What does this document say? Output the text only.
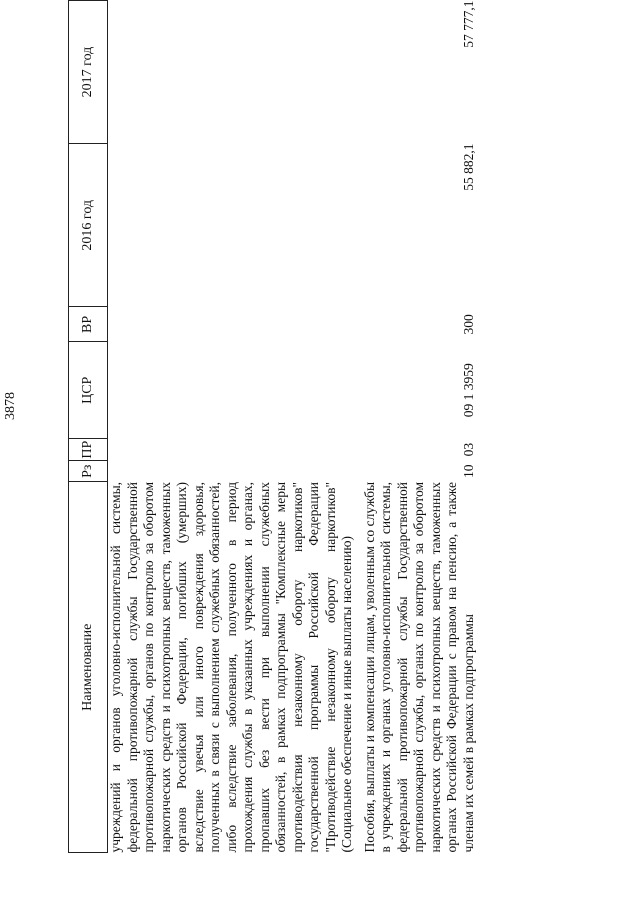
3878
Наименование	Рз	ПР	ЦСР	ВР	2016 год	2017 год

учреждений и органов уголовно-исполнительной системы, федеральной противопожарной службы Государственной противопожарной службы, органов по контролю за оборотом наркотических средств и психотропных веществ, таможенных органов Российской Федерации, погибших (умерших) вследствие увечья или иного повреждения здоровья, полученных в связи с выполнением служебных обязанностей, либо вследствие заболевания, полученного в период прохождения службы в указанных учреждениях и органах, пропавших без вести при выполнении служебных обязанностей, в рамках подпрограммы "Комплексные меры противодействия незаконному обороту наркотиков" государственной программы Российской Федерации "Противодействие незаконному обороту наркотиков" (Социальное обеспечение и иные выплаты населению)						

Пособия, выплаты и компенсации лицам, уволенным со службы в учреждениях и органах уголовно-исполнительной системы, федеральной противопожарной службы Государственной противопожарной службы, органах по контролю за оборотом наркотических средств и психотропных веществ, таможенных органах Российской Федерации с правом на пенсию, а также членам их семей в рамках подпрограммы	10	03	09 1 3959	300	55 882,1	57 777,1
